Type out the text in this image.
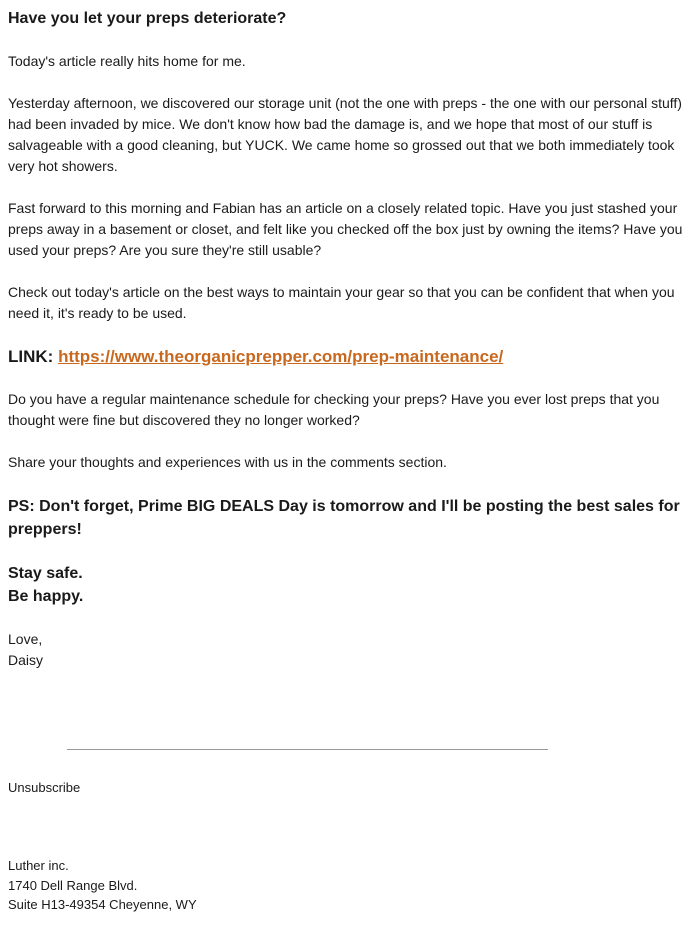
Have you let your preps deteriorate?

Today's article really hits home for me.

Yesterday afternoon, we discovered our storage unit (not the one with preps - the one with our personal stuff) had been invaded by mice. We don't know how bad the damage is, and we hope that most of our stuff is salvageable with a good cleaning, but YUCK. We came home so grossed out that we both immediately took very hot showers.

Fast forward to this morning and Fabian has an article on a closely related topic. Have you just stashed your preps away in a basement or closet, and felt like you checked off the box just by owning the items? Have you used your preps? Are you sure they're still usable?

Check out today's article on the best ways to maintain your gear so that you can be confident that when you need it, it's ready to be used.

LINK: https://www.theorganicprepper.com/prep-maintenance/

Do you have a regular maintenance schedule for checking your preps? Have you ever lost preps that you thought were fine but discovered they no longer worked?

Share your thoughts and experiences with us in the comments section.

PS: Don't forget, Prime BIG DEALS Day is tomorrow and I'll be posting the best sales for preppers!

Stay safe.
Be happy.

Love,
Daisy

Unsubscribe

Luther inc.
1740 Dell Range Blvd.
Suite H13-49354 Cheyenne, WY
